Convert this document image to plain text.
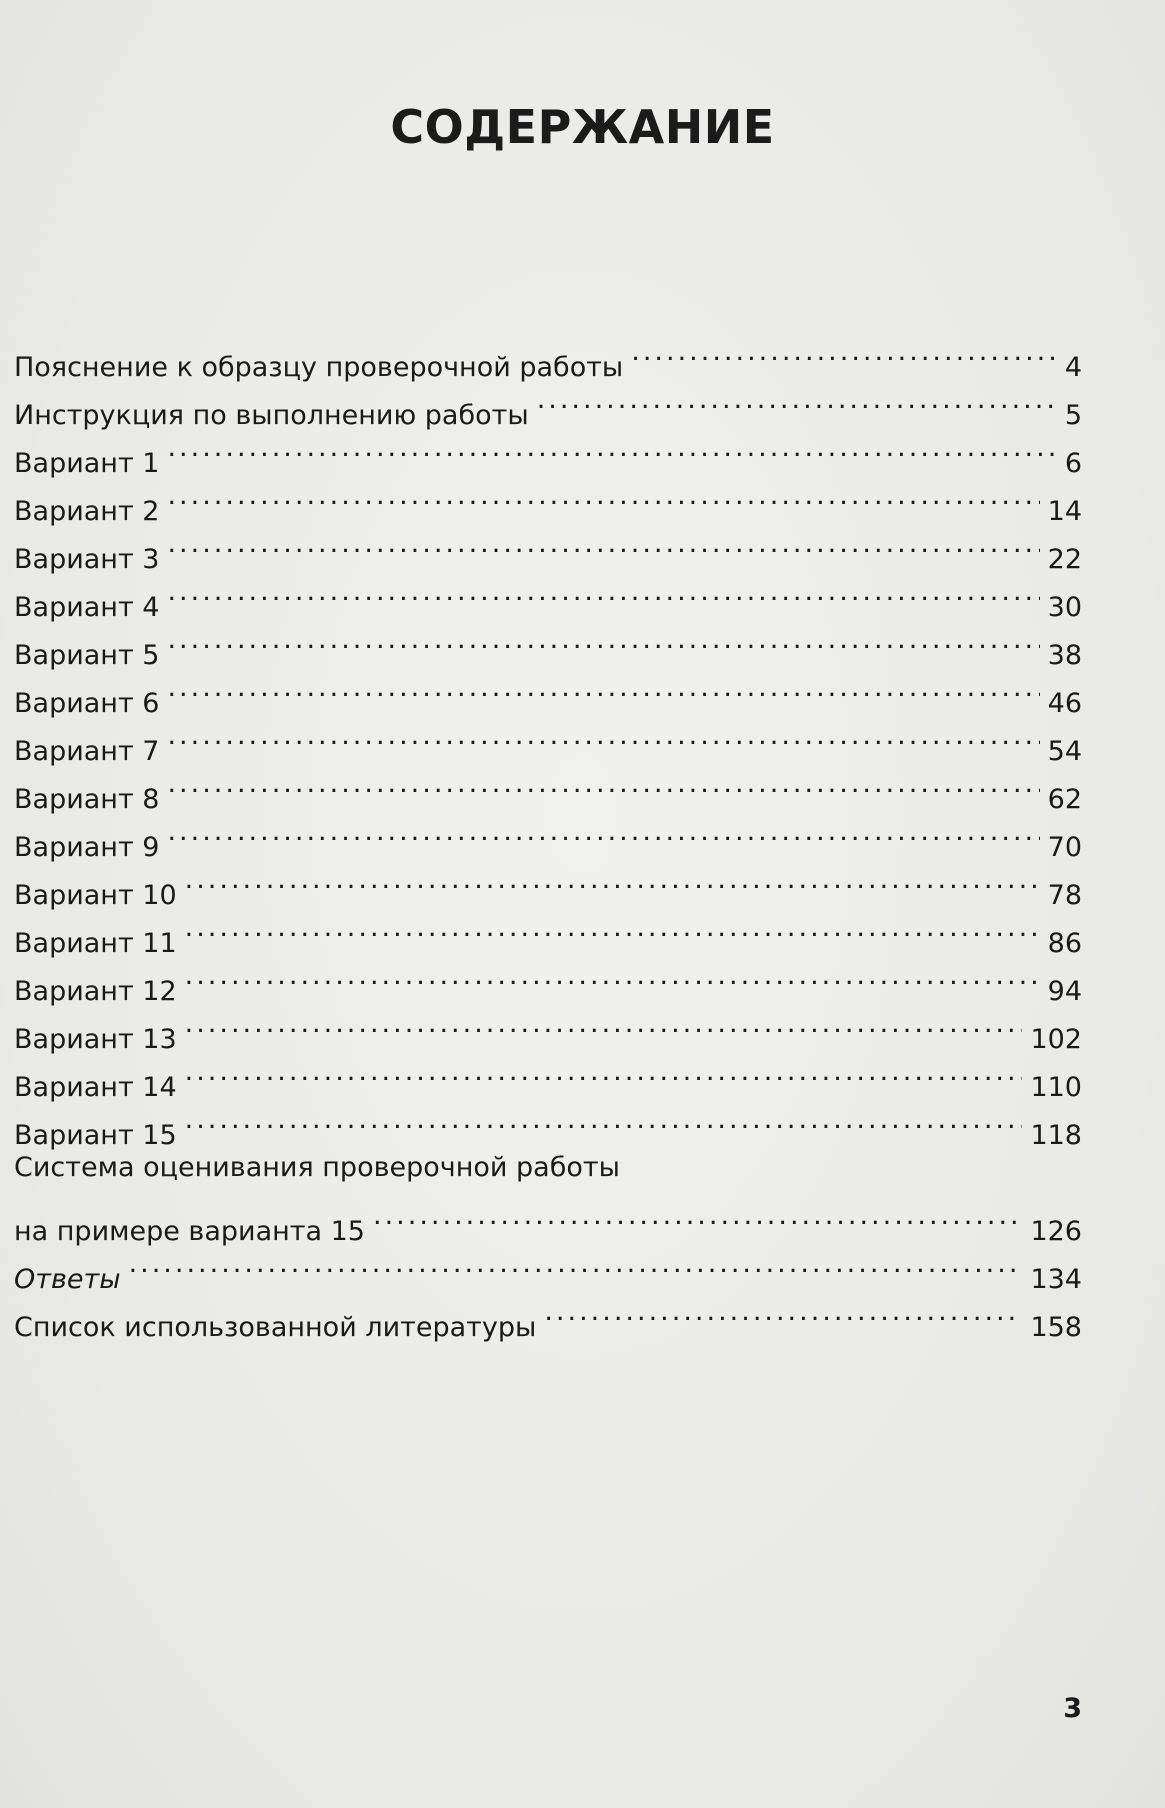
СОДЕРЖАНИЕ
Пояснение к образцу проверочной работы .....	4
Инструкция по выполнению работы .....	5
Вариант 1 .....	6
Вариант 2 .....	14
Вариант 3 .....	22
Вариант 4 .....	30
Вариант 5 .....	38
Вариант 6 .....	46
Вариант 7 .....	54
Вариант 8 .....	62
Вариант 9 .....	70
Вариант 10 .....	78
Вариант 11 .....	86
Вариант 12 .....	94
Вариант 13 .....	102
Вариант 14 .....	110
Вариант 15 .....	118
Система оценивания проверочной работы
на примере варианта 15 .....	126
Ответы .....	134
Список использованной литературы .....	158
3
